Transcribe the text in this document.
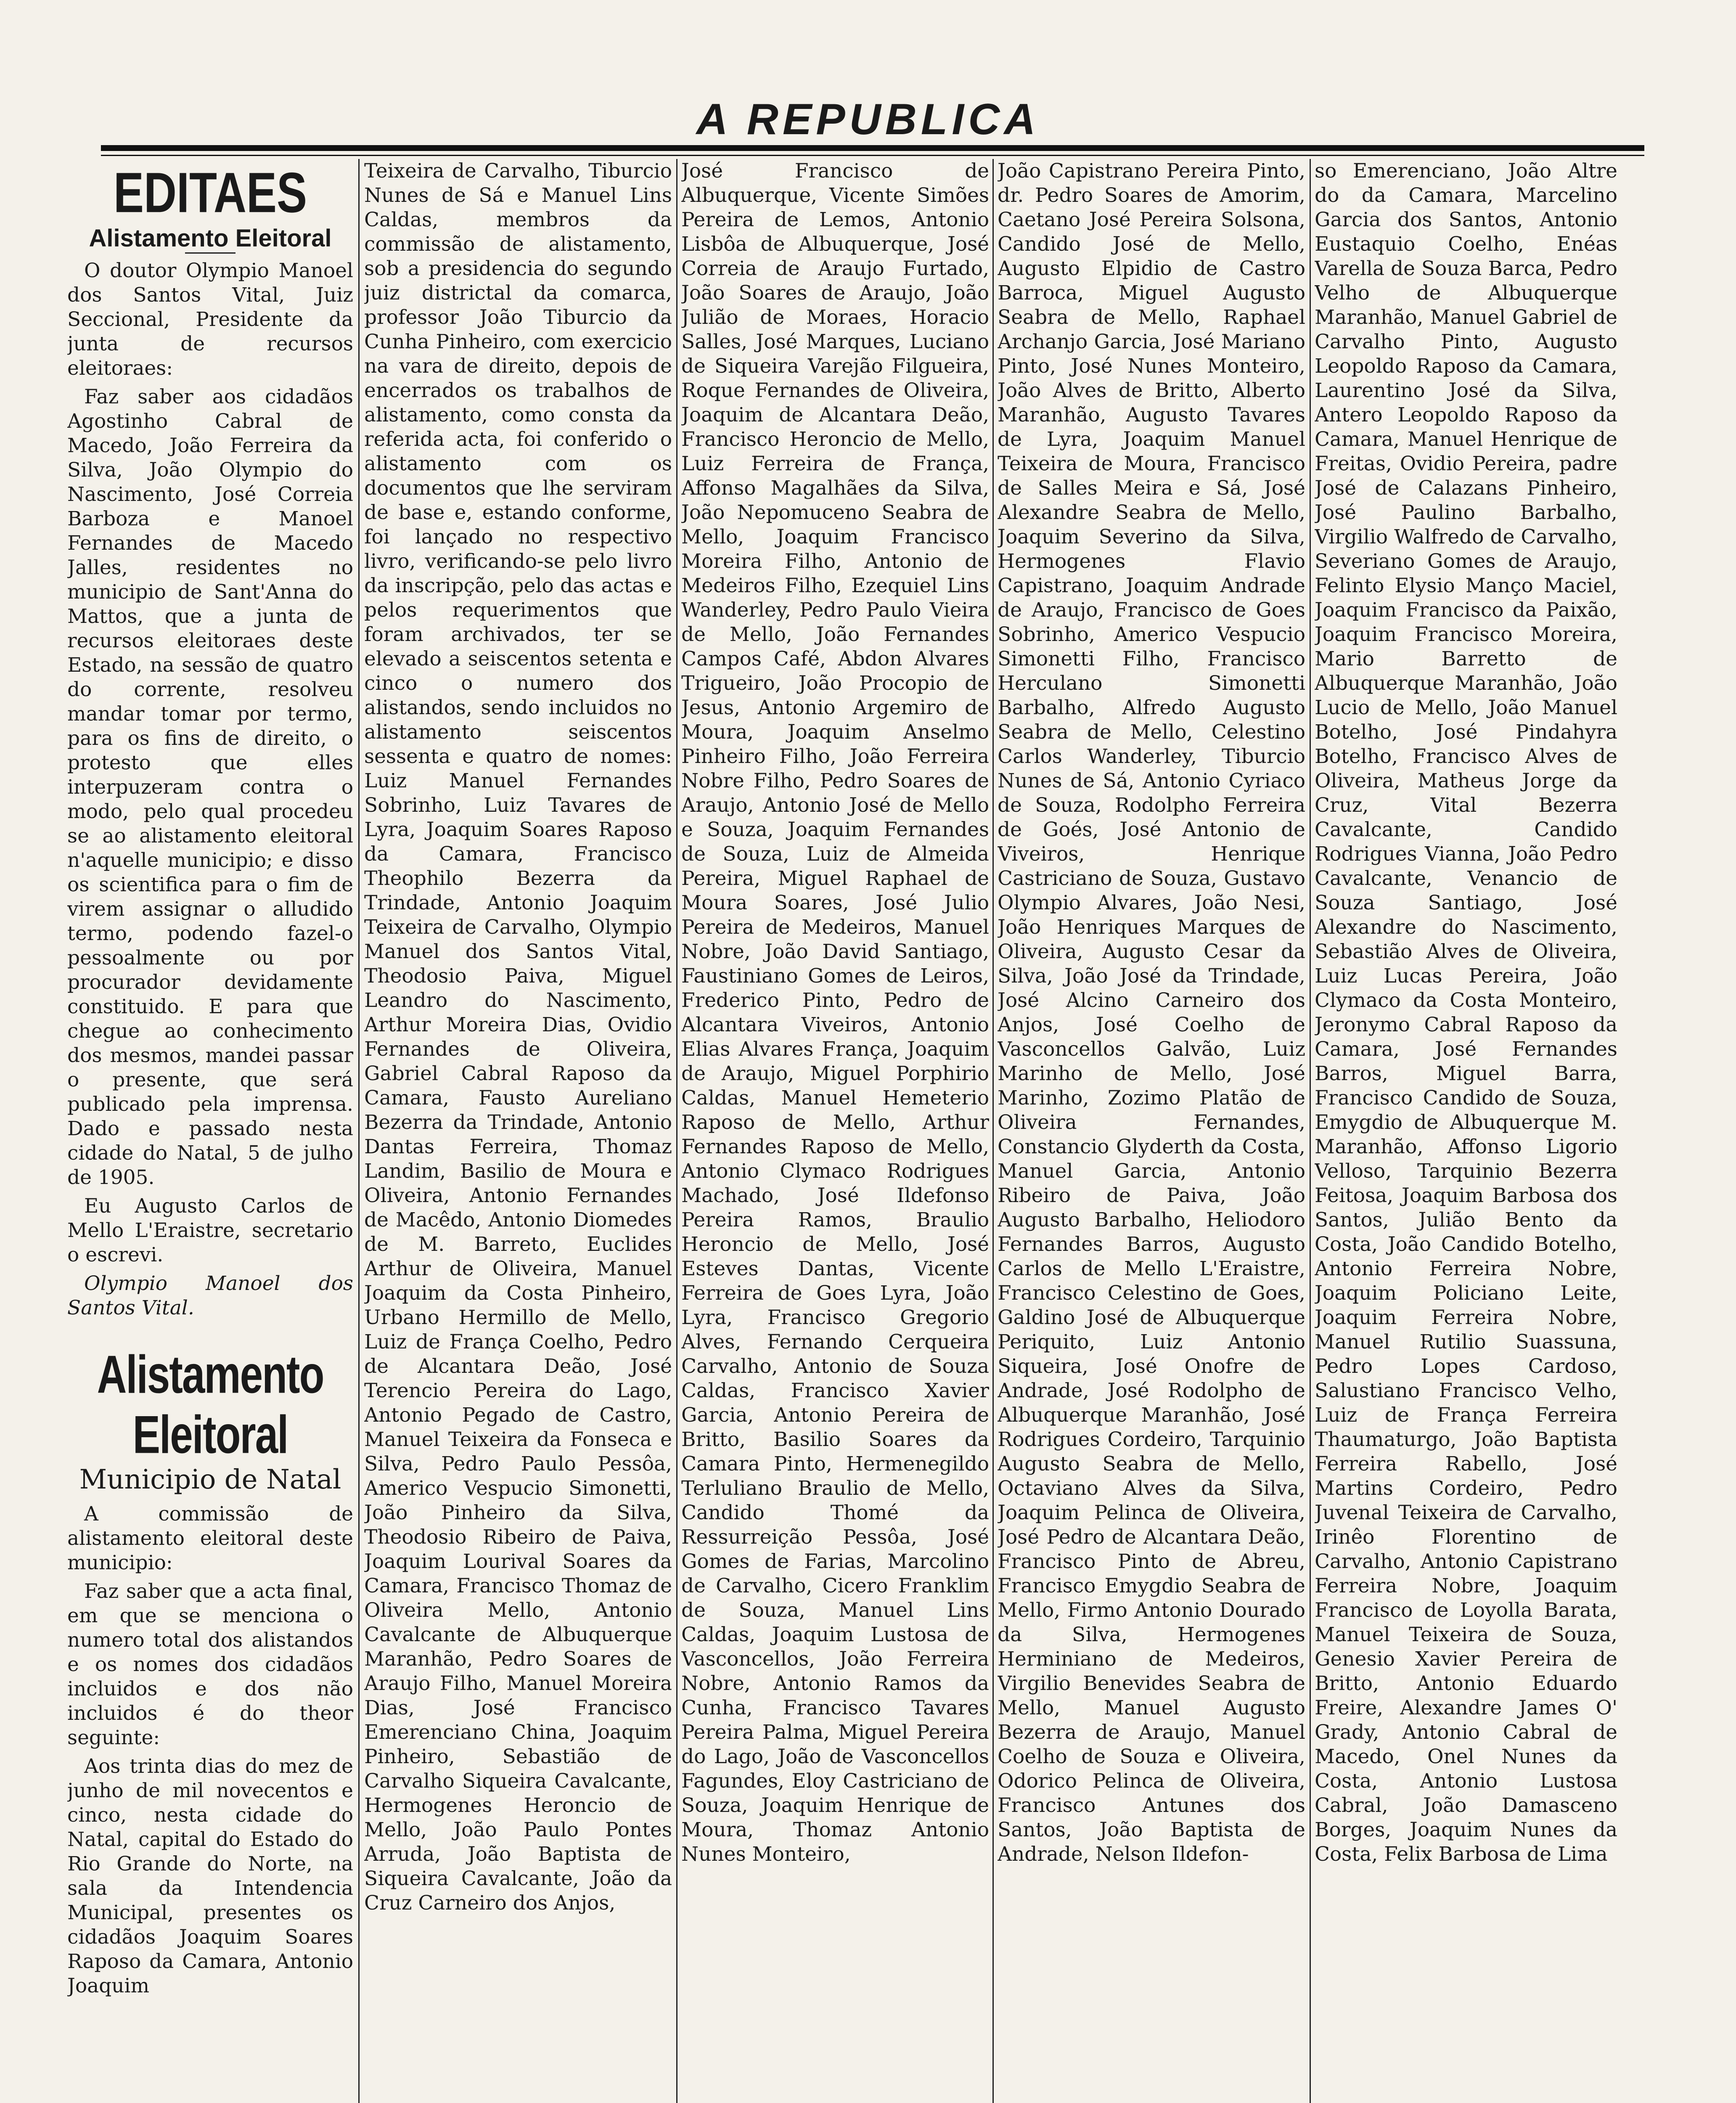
A REPUBLICA
EDITAES
Alistamento Eleitoral

O doutor Olympio Manoel dos Santos Vital, Juiz Seccional, Presidente da junta de recursos eleitoraes:

Faz saber aos cidadãos Agostinho Cabral de Macedo, João Ferreira da Silva, João Olympio do Nascimento, José Correia Barboza e Manoel Fernandes de Macedo Jalles, residentes no municipio de Sant'Anna do Mattos, que a junta de recursos eleitoraes deste Estado, na sessão de quatro do corrente, resolveu mandar tomar por termo, para os fins de direito, o protesto que elles interpuzeram contra o modo, pelo qual procedeu se ao alistamento eleitoral n'aquelle municipio; e disso os scientifica para o fim de virem assignar o alludido termo, podendo fazel-o pessoalmente ou por procurador devidamente constituido. E para que chegue ao conhecimento dos mesmos, mandei passar o presente, que será publicado pela imprensa. Dado e passado nesta cidade do Natal, 5 de julho de 1905.

Eu Augusto Carlos de Mello L'Eraistre, secretario o escrevi.

Olympio Manoel dos Santos Vital.

Alistamento Eleitoral
Municipio de Natal

A commissão de alistamento eleitoral deste municipio:

Faz saber que a acta final, em que se menciona o numero total dos alistandos e os nomes dos cidadãos incluidos e dos não incluidos é do theor seguinte:

Aos trinta dias do mez de junho de mil novecentos e cinco, nesta cidade do Natal, capital do Estado do Rio Grande do Norte, na sala da Intendencia Municipal, presentes os cidadãos Joaquim Soares Raposo da Camara, Antonio Joaquim

Teixeira de Carvalho, Tiburcio Nunes de Sá e Manuel Lins Caldas, membros da commissão de alistamento, sob a presidencia do segundo juiz districtal da comarca, professor João Tiburcio da Cunha Pinheiro, com exercicio na vara de direito, depois de encerrados os trabalhos de alistamento, como consta da referida acta, foi conferido o alistamento com os documentos que lhe serviram de base e, estando conforme, foi lançado no respectivo livro, verificando-se pelo livro da inscripção, pelo das actas e pelos requerimentos que foram archivados, ter se elevado a seiscentos setenta e cinco o numero dos alistandos, sendo incluidos no alistamento seiscentos sessenta e quatro de nomes: Luiz Manuel Fernandes Sobrinho, Luiz Tavares de Lyra, Joaquim Soares Raposo da Camara, Francisco Theophilo Bezerra da Trindade, Antonio Joaquim Teixeira de Carvalho, Olympio Manuel dos Santos Vital, Theodosio Paiva, Miguel Leandro do Nascimento, Arthur Moreira Dias, Ovidio Fernandes de Oliveira, Gabriel Cabral Raposo da Camara, Fausto Aureliano Bezerra da Trindade, Antonio Dantas Ferreira, Thomaz Landim, Basilio de Moura e Oliveira, Antonio Fernandes de Macêdo, Antonio Diomedes de M. Barreto, Euclides Arthur de Oliveira, Manuel Joaquim da Costa Pinheiro, Urbano Hermillo de Mello, Luiz de França Coelho, Pedro de Alcantara Deão, José Terencio Pereira do Lago, Antonio Pegado de Castro, Manuel Teixeira da Fonseca e Silva, Pedro Paulo Pessôa, Americo Vespucio Simonetti, João Pinheiro da Silva, Theodosio Ribeiro de Paiva, Joaquim Lourival Soares da Camara, Francisco Thomaz de Oliveira Mello, Antonio Cavalcante de Albuquerque Maranhão, Pedro Soares de Araujo Filho, Manuel Moreira Dias, José Francisco Emerenciano China, Joaquim Pinheiro, Sebastião de Carvalho Siqueira Cavalcante, Hermogenes Heroncio de Mello, João Paulo Pontes Arruda, João Baptista de Siqueira Cavalcante, João da Cruz Carneiro dos Anjos,

José Francisco de Albuquerque, Vicente Simões Pereira de Lemos, Antonio Lisbôa de Albuquerque, José Correia de Araujo Furtado, João Soares de Araujo, João Julião de Moraes, Horacio Salles, José Marques, Luciano de Siqueira Varejão Filgueira, Roque Fernandes de Oliveira, Joaquim de Alcantara Deão, Francisco Heroncio de Mello, Luiz Ferreira de França, Affonso Magalhães da Silva, João Nepomuceno Seabra de Mello, Joaquim Francisco Moreira Filho, Antonio de Medeiros Filho, Ezequiel Lins Wanderley, Pedro Paulo Vieira de Mello, João Fernandes Campos Café, Abdon Alvares Trigueiro, João Procopio de Jesus, Antonio Argemiro de Moura, Joaquim Anselmo Pinheiro Filho, João Ferreira Nobre Filho, Pedro Soares de Araujo, Antonio José de Mello e Souza, Joaquim Fernandes de Souza, Luiz de Almeida Pereira, Miguel Raphael de Moura Soares, José Julio Pereira de Medeiros, Manuel Nobre, João David Santiago, Faustiniano Gomes de Leiros, Frederico Pinto, Pedro de Alcantara Viveiros, Antonio Elias Alvares França, Joaquim de Araujo, Miguel Porphirio Caldas, Manuel Hemeterio Raposo de Mello, Arthur Fernandes Raposo de Mello, Antonio Clymaco Rodrigues Machado, José Ildefonso Pereira Ramos, Braulio Heroncio de Mello, José Esteves Dantas, Vicente Ferreira de Goes Lyra, João Lyra, Francisco Gregorio Alves, Fernando Cerqueira Carvalho, Antonio de Souza Caldas, Francisco Xavier Garcia, Antonio Pereira de Britto, Basilio Soares da Camara Pinto, Hermenegildo Terluliano Braulio de Mello, Candido Thomé da Ressurreição Pessôa, José Gomes de Farias, Marcolino de Carvalho, Cicero Franklim de Souza, Manuel Lins Caldas, Joaquim Lustosa de Vasconcellos, João Ferreira Nobre, Antonio Ramos da Cunha, Francisco Tavares Pereira Palma, Miguel Pereira do Lago, João de Vasconcellos Fagundes, Eloy Castriciano de Souza, Joaquim Henrique de Moura, Thomaz Antonio Nunes Monteiro,

João Capistrano Pereira Pinto, dr. Pedro Soares de Amorim, Caetano José Pereira Solsona, Candido José de Mello, Augusto Elpidio de Castro Barroca, Miguel Augusto Seabra de Mello, Raphael Archanjo Garcia, José Mariano Pinto, José Nunes Monteiro, João Alves de Britto, Alberto Maranhão, Augusto Tavares de Lyra, Joaquim Manuel Teixeira de Moura, Francisco de Salles Meira e Sá, José Alexandre Seabra de Mello, Joaquim Severino da Silva, Hermogenes Flavio Capistrano, Joaquim Andrade de Araujo, Francisco de Goes Sobrinho, Americo Vespucio Simonetti Filho, Francisco Herculano Simonetti Barbalho, Alfredo Augusto Seabra de Mello, Celestino Carlos Wanderley, Tiburcio Nunes de Sá, Antonio Cyriaco de Souza, Rodolpho Ferreira de Goés, José Antonio de Viveiros, Henrique Castriciano de Souza, Gustavo Olympio Alvares, João Nesi, João Henriques Marques de Oliveira, Augusto Cesar da Silva, João José da Trindade, José Alcino Carneiro dos Anjos, José Coelho de Vasconcellos Galvão, Luiz Marinho de Mello, José Marinho, Zozimo Platão de Oliveira Fernandes, Constancio Glyderth da Costa, Manuel Garcia, Antonio Ribeiro de Paiva, João Augusto Barbalho, Heliodoro Fernandes Barros, Augusto Carlos de Mello L'Eraistre, Francisco Celestino de Goes, Galdino José de Albuquerque Periquito, Luiz Antonio Siqueira, José Onofre de Andrade, José Rodolpho de Albuquerque Maranhão, José Rodrigues Cordeiro, Tarquinio Augusto Seabra de Mello, Octaviano Alves da Silva, Joaquim Pelinca de Oliveira, José Pedro de Alcantara Deão, Francisco Pinto de Abreu, Francisco Emygdio Seabra de Mello, Firmo Antonio Dourado da Silva, Hermogenes Herminiano de Medeiros, Virgilio Benevides Seabra de Mello, Manuel Augusto Bezerra de Araujo, Manuel Coelho de Souza e Oliveira, Odorico Pelinca de Oliveira, Francisco Antunes dos Santos, João Baptista de Andrade, Nelson Ildefon-

so Emerenciano, João Altre do da Camara, Marcelino Garcia dos Santos, Antonio Eustaquio Coelho, Enéas Varella de Souza Barca, Pedro Velho de Albuquerque Maranhão, Manuel Gabriel de Carvalho Pinto, Augusto Leopoldo Raposo da Camara, Laurentino José da Silva, Antero Leopoldo Raposo da Camara, Manuel Henrique de Freitas, Ovidio Pereira, padre José de Calazans Pinheiro, José Paulino Barbalho, Virgilio Walfredo de Carvalho, Severiano Gomes de Araujo, Felinto Elysio Manço Maciel, Joaquim Francisco da Paixão, Joaquim Francisco Moreira, Mario Barretto de Albuquerque Maranhão, João Lucio de Mello, João Manuel Botelho, José Pindahyra Botelho, Francisco Alves de Oliveira, Matheus Jorge da Cruz, Vital Bezerra Cavalcante, Candido Rodrigues Vianna, João Pedro Cavalcante, Venancio de Souza Santiago, José Alexandre do Nascimento, Sebastião Alves de Oliveira, Luiz Lucas Pereira, João Clymaco da Costa Monteiro, Jeronymo Cabral Raposo da Camara, José Fernandes Barros, Miguel Barra, Francisco Candido de Souza, Emygdio de Albuquerque M. Maranhão, Affonso Ligorio Velloso, Tarquinio Bezerra Feitosa, Joaquim Barbosa dos Santos, Julião Bento da Costa, João Candido Botelho, Antonio Ferreira Nobre, Joaquim Policiano Leite, Joaquim Ferreira Nobre, Manuel Rutilio Suassuna, Pedro Lopes Cardoso, Salustiano Francisco Velho, Luiz de França Ferreira Thaumaturgo, João Baptista Ferreira Rabello, José Martins Cordeiro, Pedro Juvenal Teixeira de Carvalho, Irinêo Florentino de Carvalho, Antonio Capistrano Ferreira Nobre, Joaquim Francisco de Loyolla Barata, Manuel Teixeira de Souza, Genesio Xavier Pereira de Britto, Antonio Eduardo Freire, Alexandre James O' Grady, Antonio Cabral de Macedo, Onel Nunes da Costa, Antonio Lustosa Cabral, João Damasceno Borges, Joaquim Nunes da Costa, Felix Barbosa de Lima
